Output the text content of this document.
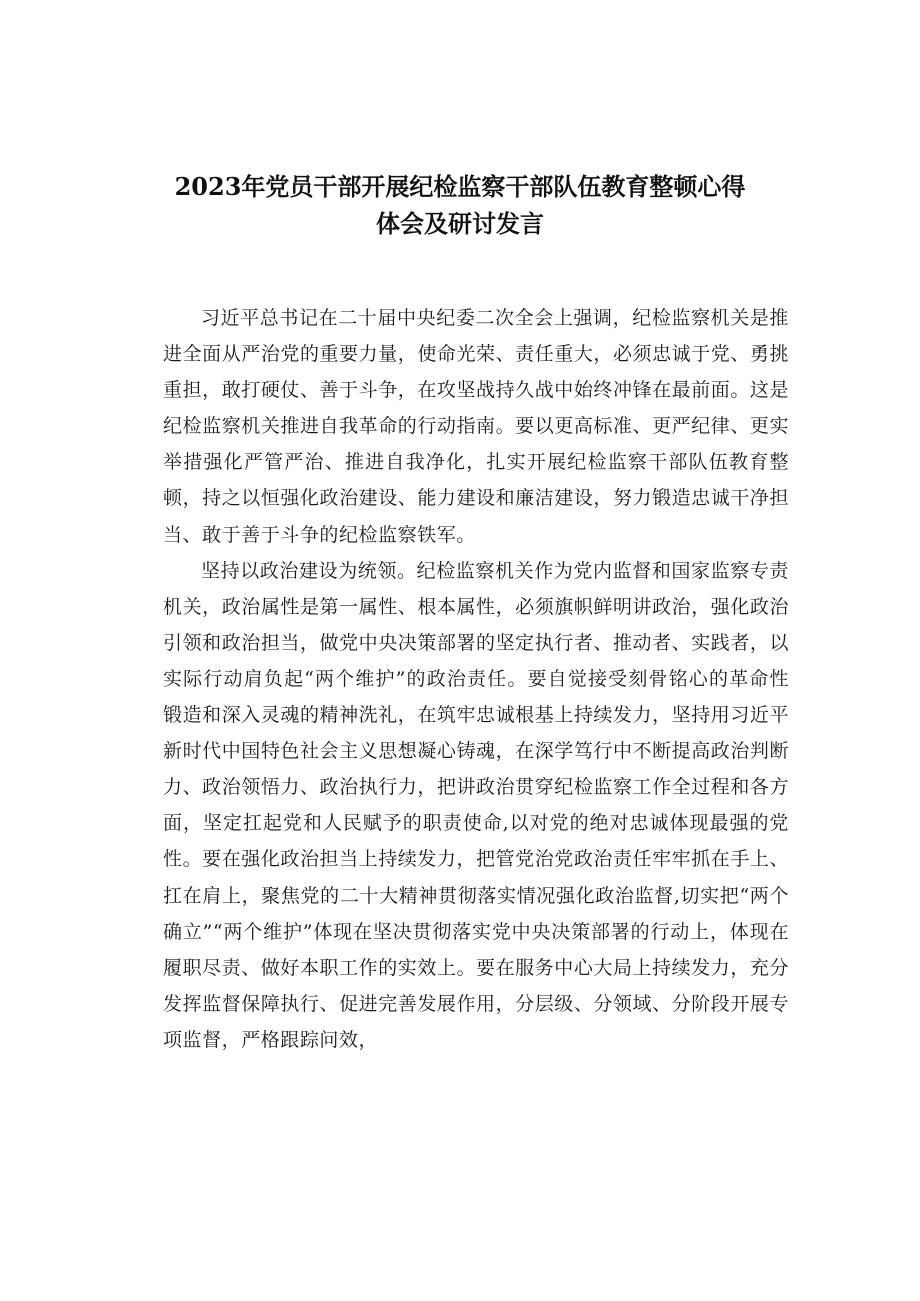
2023年党员干部开展纪检监察干部队伍教育整顿心得
体会及研讨发言

习近平总书记在二十届中央纪委二次全会上强调，纪检监察机关是推进全面从严治党的重要力量，使命光荣、责任重大，必须忠诚于党、勇挑重担，敢打硬仗、善于斗争，在攻坚战持久战中始终冲锋在最前面。这是纪检监察机关推进自我革命的行动指南。要以更高标准、更严纪律、更实举措强化严管严治、推进自我净化，扎实开展纪检监察干部队伍教育整顿，持之以恒强化政治建设、能力建设和廉洁建设，努力锻造忠诚干净担当、敢于善于斗争的纪检监察铁军。

坚持以政治建设为统领。纪检监察机关作为党内监督和国家监察专责机关，政治属性是第一属性、根本属性，必须旗帜鲜明讲政治，强化政治引领和政治担当，做党中央决策部署的坚定执行者、推动者、实践者，以实际行动肩负起“两个维护”的政治责任。要自觉接受刻骨铭心的革命性锻造和深入灵魂的精神洗礼，在筑牢忠诚根基上持续发力，坚持用习近平新时代中国特色社会主义思想凝心铸魂，在深学笃行中不断提高政治判断力、政治领悟力、政治执行力，把讲政治贯穿纪检监察工作全过程和各方面，坚定扛起党和人民赋予的职责使命,以对党的绝对忠诚体现最强的党性。要在强化政治担当上持续发力，把管党治党政治责任牢牢抓在手上、扛在肩上，聚焦党的二十大精神贯彻落实情况强化政治监督,切实把“两个确立”“两个维护”体现在坚决贯彻落实党中央决策部署的行动上，体现在履职尽责、做好本职工作的实效上。要在服务中心大局上持续发力，充分发挥监督保障执行、促进完善发展作用，分层级、分领域、分阶段开展专项监督，严格跟踪问效，
